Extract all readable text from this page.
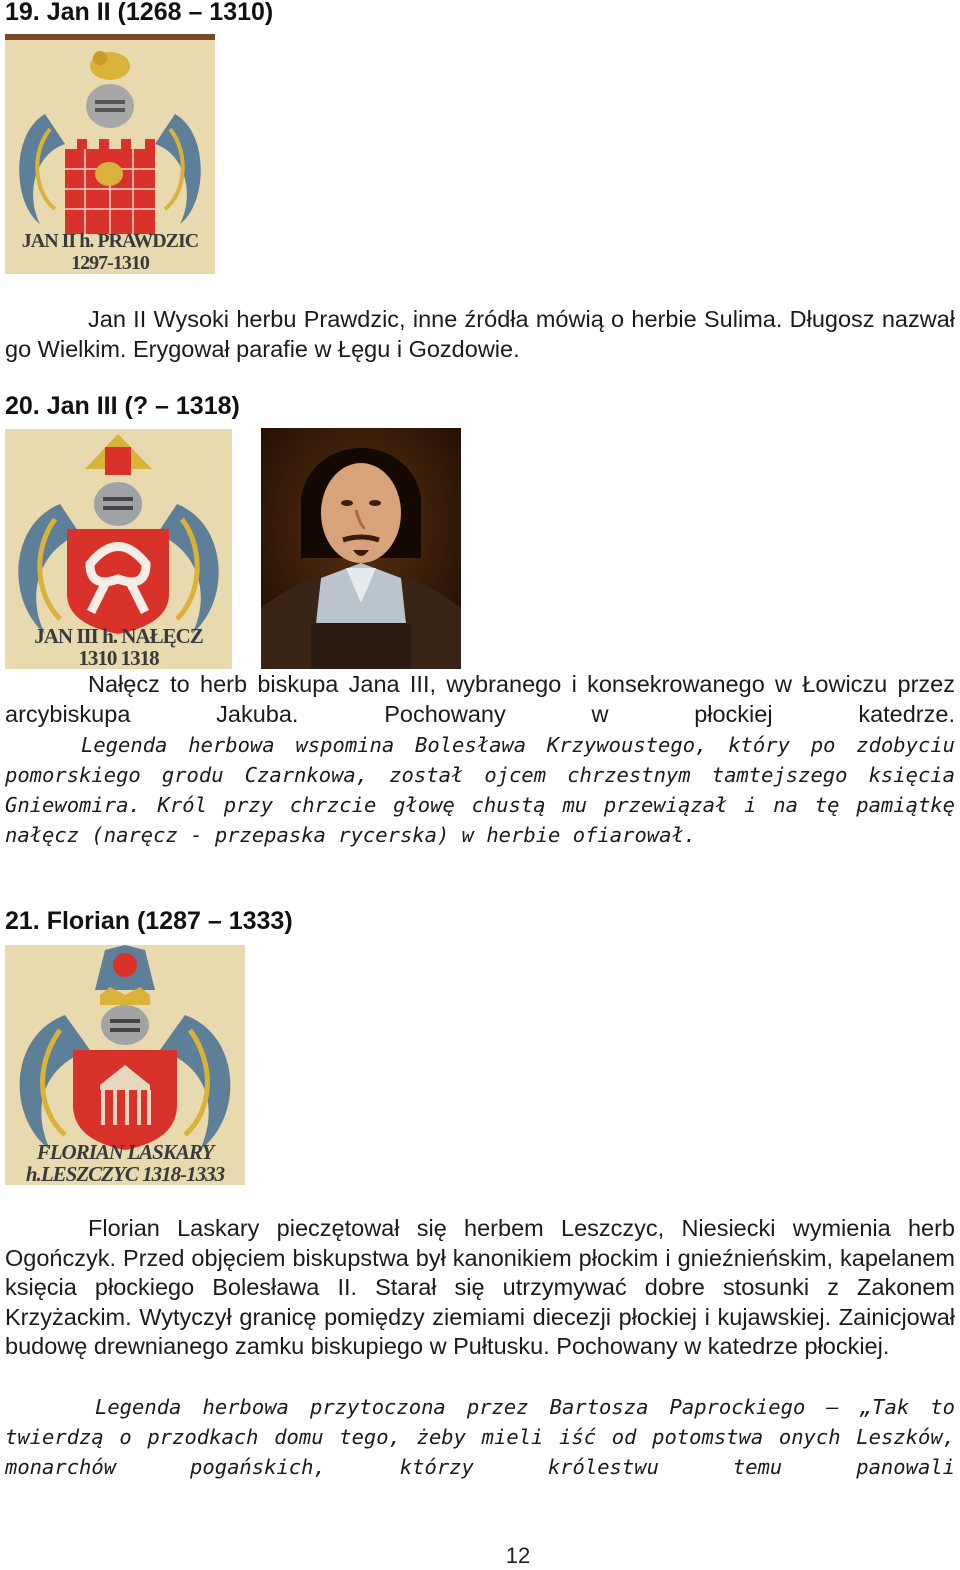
19. Jan II (1268 – 1310)
JAN II h. PRAWDZIC
1297-1310
Jan II Wysoki herbu Prawdzic, inne źródła mówią o herbie Sulima. Długosz nazwał go Wielkim. Erygował parafie w Łęgu i Gozdowie.
20. Jan III (? – 1318)
JAN III h. NAŁĘCZ
1310 1318
Nałęcz to herb biskupa Jana III, wybranego i konsekrowanego w Łowiczu przez arcybiskupa Jakuba. Pochowany w płockiej katedrze.
Legenda herbowa wspomina Bolesława Krzywoustego, który po zdobyciu pomorskiego grodu Czarnkowa, został ojcem chrzestnym tamtejszego księcia Gniewomira. Król przy chrzcie głowę chustą mu przewiązał i na tę pamiątkę nałęcz (naręcz - przepaska rycerska) w herbie ofiarował.
21. Florian (1287 – 1333)
FLORIAN LASKARY
h.LESZCZYC 1318-1333
Florian Laskary pieczętował się herbem Leszczyc, Niesiecki wymienia herb Ogończyk. Przed objęciem biskupstwa był kanonikiem płockim i gnieźnieńskim, kapelanem księcia płockiego Bolesława II. Starał się utrzymywać dobre stosunki z Zakonem Krzyżackim. Wytyczył granicę pomiędzy ziemiami diecezji płockiej i kujawskiej. Zainicjował budowę drewnianego zamku biskupiego w Pułtusku. Pochowany w katedrze płockiej.
Legenda herbowa przytoczona przez Bartosza Paprockiego – „Tak to twierdzą o przodkach domu tego, żeby mieli iść od potomstwa onych Leszków, monarchów pogańskich, którzy królestwu temu panowali
12
